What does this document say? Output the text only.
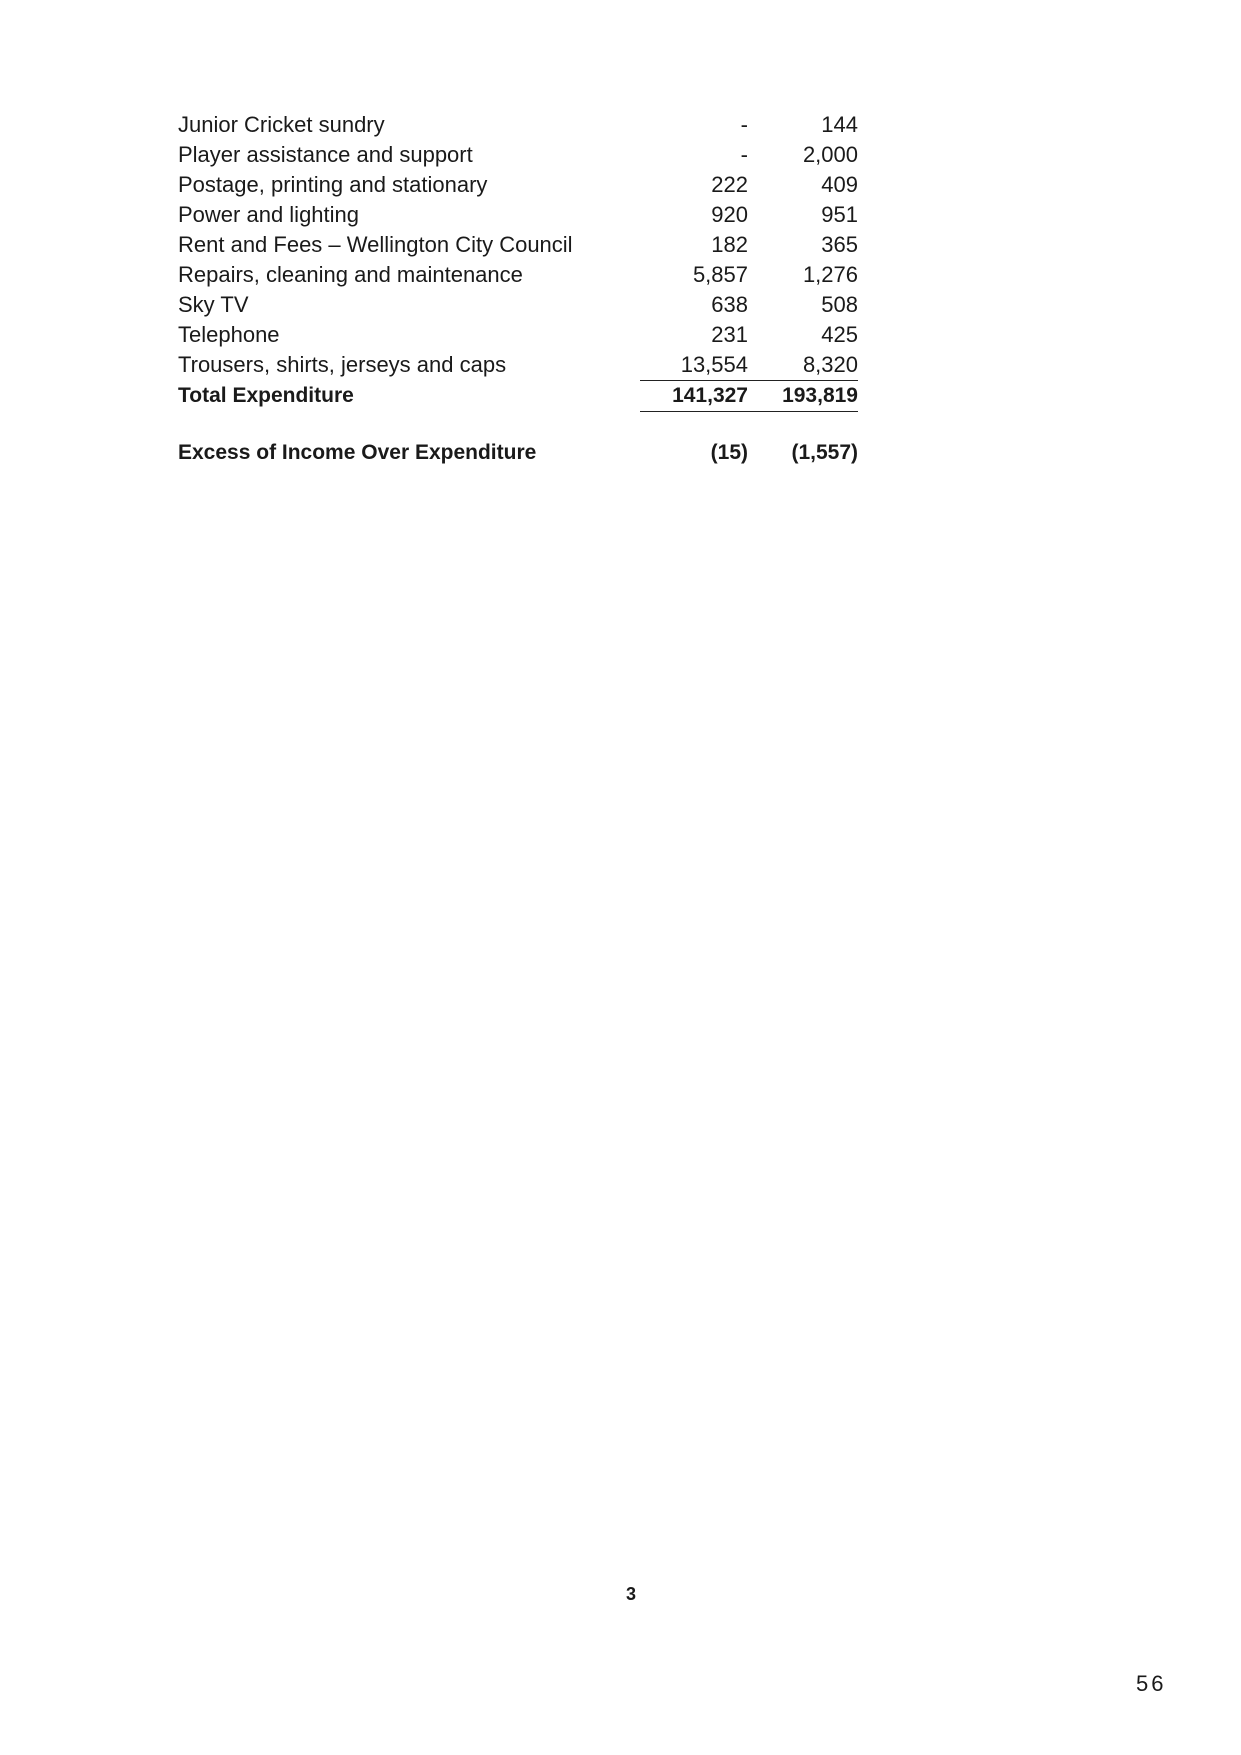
Junior Cricket sundry	-	144
Player assistance and support	-	2,000
Postage, printing and stationary	222	409
Power and lighting	920	951
Rent and Fees – Wellington City Council	182	365
Repairs, cleaning and maintenance	5,857	1,276
Sky TV	638	508
Telephone	231	425
Trousers, shirts, jerseys and caps	13,554	8,320
Total Expenditure	141,327	193,819
Excess of Income Over Expenditure	(15)	(1,557)
3
56
